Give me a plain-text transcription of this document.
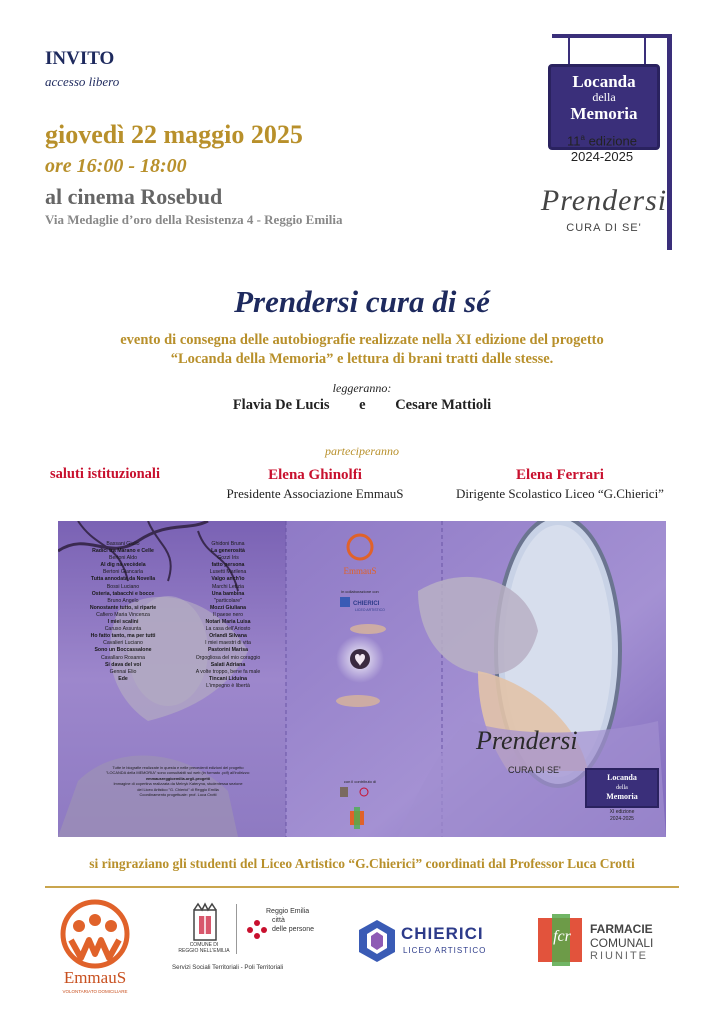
INVITO
accesso libero
giovedì 22 maggio 2025
ore 16:00 - 18:00
al cinema Rosebud
Via Medaglie d’oro della Resistenza 4 - Reggio Emilia
Locanda
della
Memoria
11$^a$ edizione
2024-2025
Prendersi
CURA DI SE'
Prendersi cura di sé
evento di consegna delle autobiografie realizzate nella XI edizione del progetto
“Locanda della Memoria” e lettura di brani tratti dalle stesse.
leggeranno:
Flavia De Lucis e Cesare Mattioli
parteciperanno
saluti istituzionali	Elena Ghinolfi
Presidente Associazione EmmauS
Elena Ferrari
Dirigente Scolastico Liceo “G.Chierici”
EmmauS
in collaborazione con
CHIERICI
LICEO ARTISTICO
con il contributo di
Prendersi
CURA DI SE'
Locanda
della
Memoria
XI edizione
2024-2025
Bassani Giulio
Radici tra Marano e Celle
Bertoni Aldo
Al dig na vecèdela
Bertoni Giancarla
Tutta annodata da Novella
Bossi Luciano
Osteria, tabacchi e bocce
Bruno Angelo
Nonostante tutto, si riparte
Cafiero Maria Vincenza
I miei scalini
Caruso Assunta
Ho fatto tanto, ma per tutti
Cavalieri Luciano
Sono un Boccassalone
Cavallaro Rosanna
Si dava del voi
Gennai Elio
Ede
Ghidoni Bruna
La generosità
Gozzi Iris
fatto persona
Lusetti Marilena
Valgo anch'io
Marchi Letizia
Una bambina
"particolare"
Mozzi Giuliana
Il paese nero
Notari Maria Luisa
La casa dell'Ariosto
Orlandi Silvana
I miei maestri di vita
Pastorini Marisa
Orgogliosa del mio coraggio
Salati Adriana
A volte troppo, bene fa male
Tincani Liduina
L'impegno è libertà
Tutte le biografie realizzate in questa e nelle precedenti edizioni del progetto
"LOCANDA della MEMORIA" sono consultabili sul web (in formato .pdf) all'indirizzo:
emmausreggioemilia.org/i-progetti
Immagine di copertina realizzata da Melnyk Kateryna, studentessa sezione
del Liceo Artistico "G. Chierici" di Reggio Emilia
Coordinamento progettuale: prof. Luca Crotti
si ringraziano gli studenti del Liceo Artistico “G.Chierici” coordinati dal Professor Luca Crotti
EmmauS
VOLONTARIATO DOMICILIARE
COMUNE DI
REGGIO NELL'EMILIA
Reggio Emilia
città
delle persone
Servizi Sociali Territoriali - Poli Territoriali
CHIERICI
LICEO ARTISTICO
fcr	FARMACIE
COMUNALI
RIUNITE
